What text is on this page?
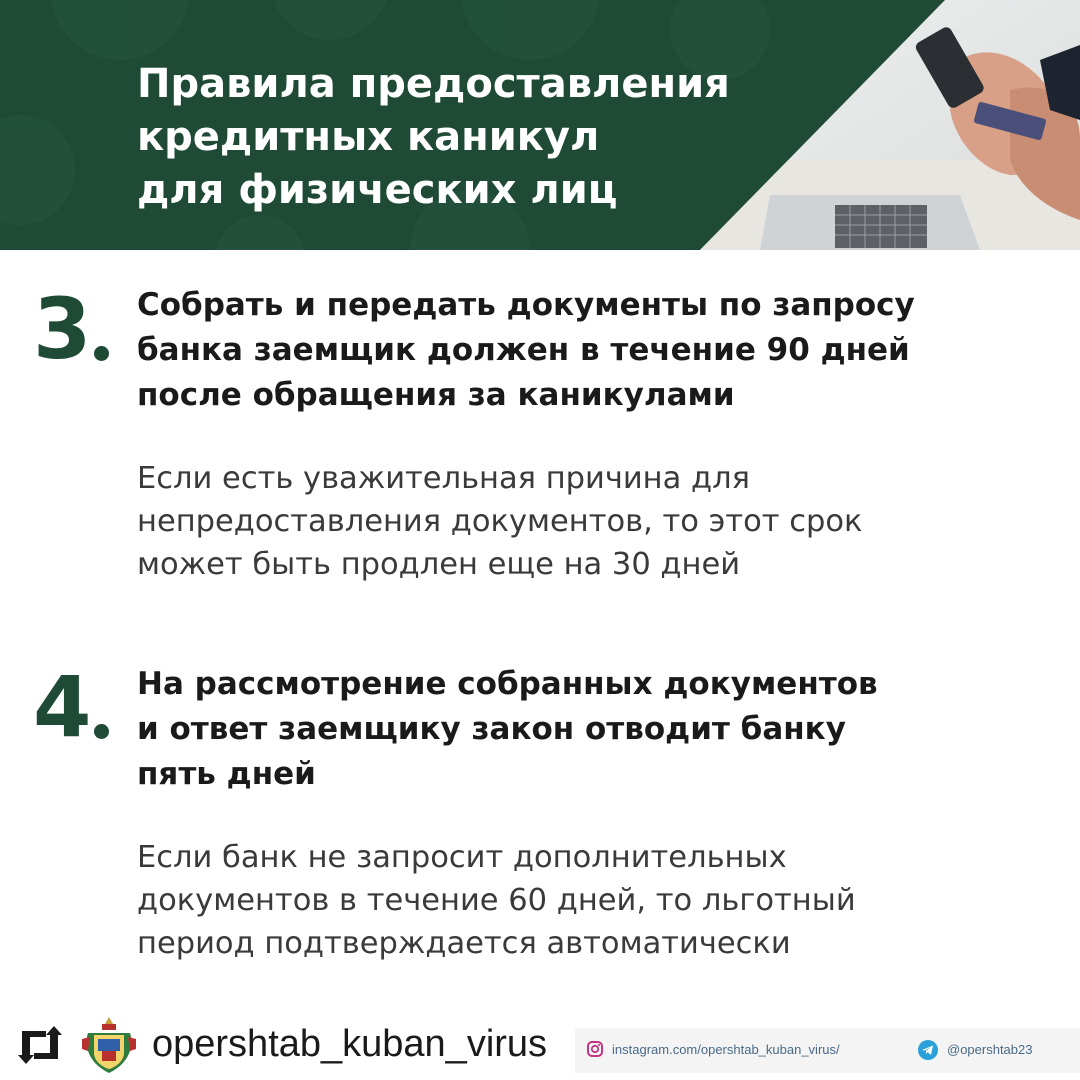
Правила предоставления
кредитных каникул
для физических лиц
3 Собрать и передать документы по запросу
банка заемщик должен в течение 90 дней
после обращения за каникулами

Если есть уважительная причина для
непредоставления документов, то этот срок
может быть продлен еще на 30 дней

4 На рассмотрение собранных документов
и ответ заемщику закон отводит банку
пять дней

Если банк не запросит дополнительных
документов в течение 60 дней, то льготный
период подтверждается автоматически

opershtab_kuban_virus	instagram.com/opershtab_kuban_virus/	@opershtab23
